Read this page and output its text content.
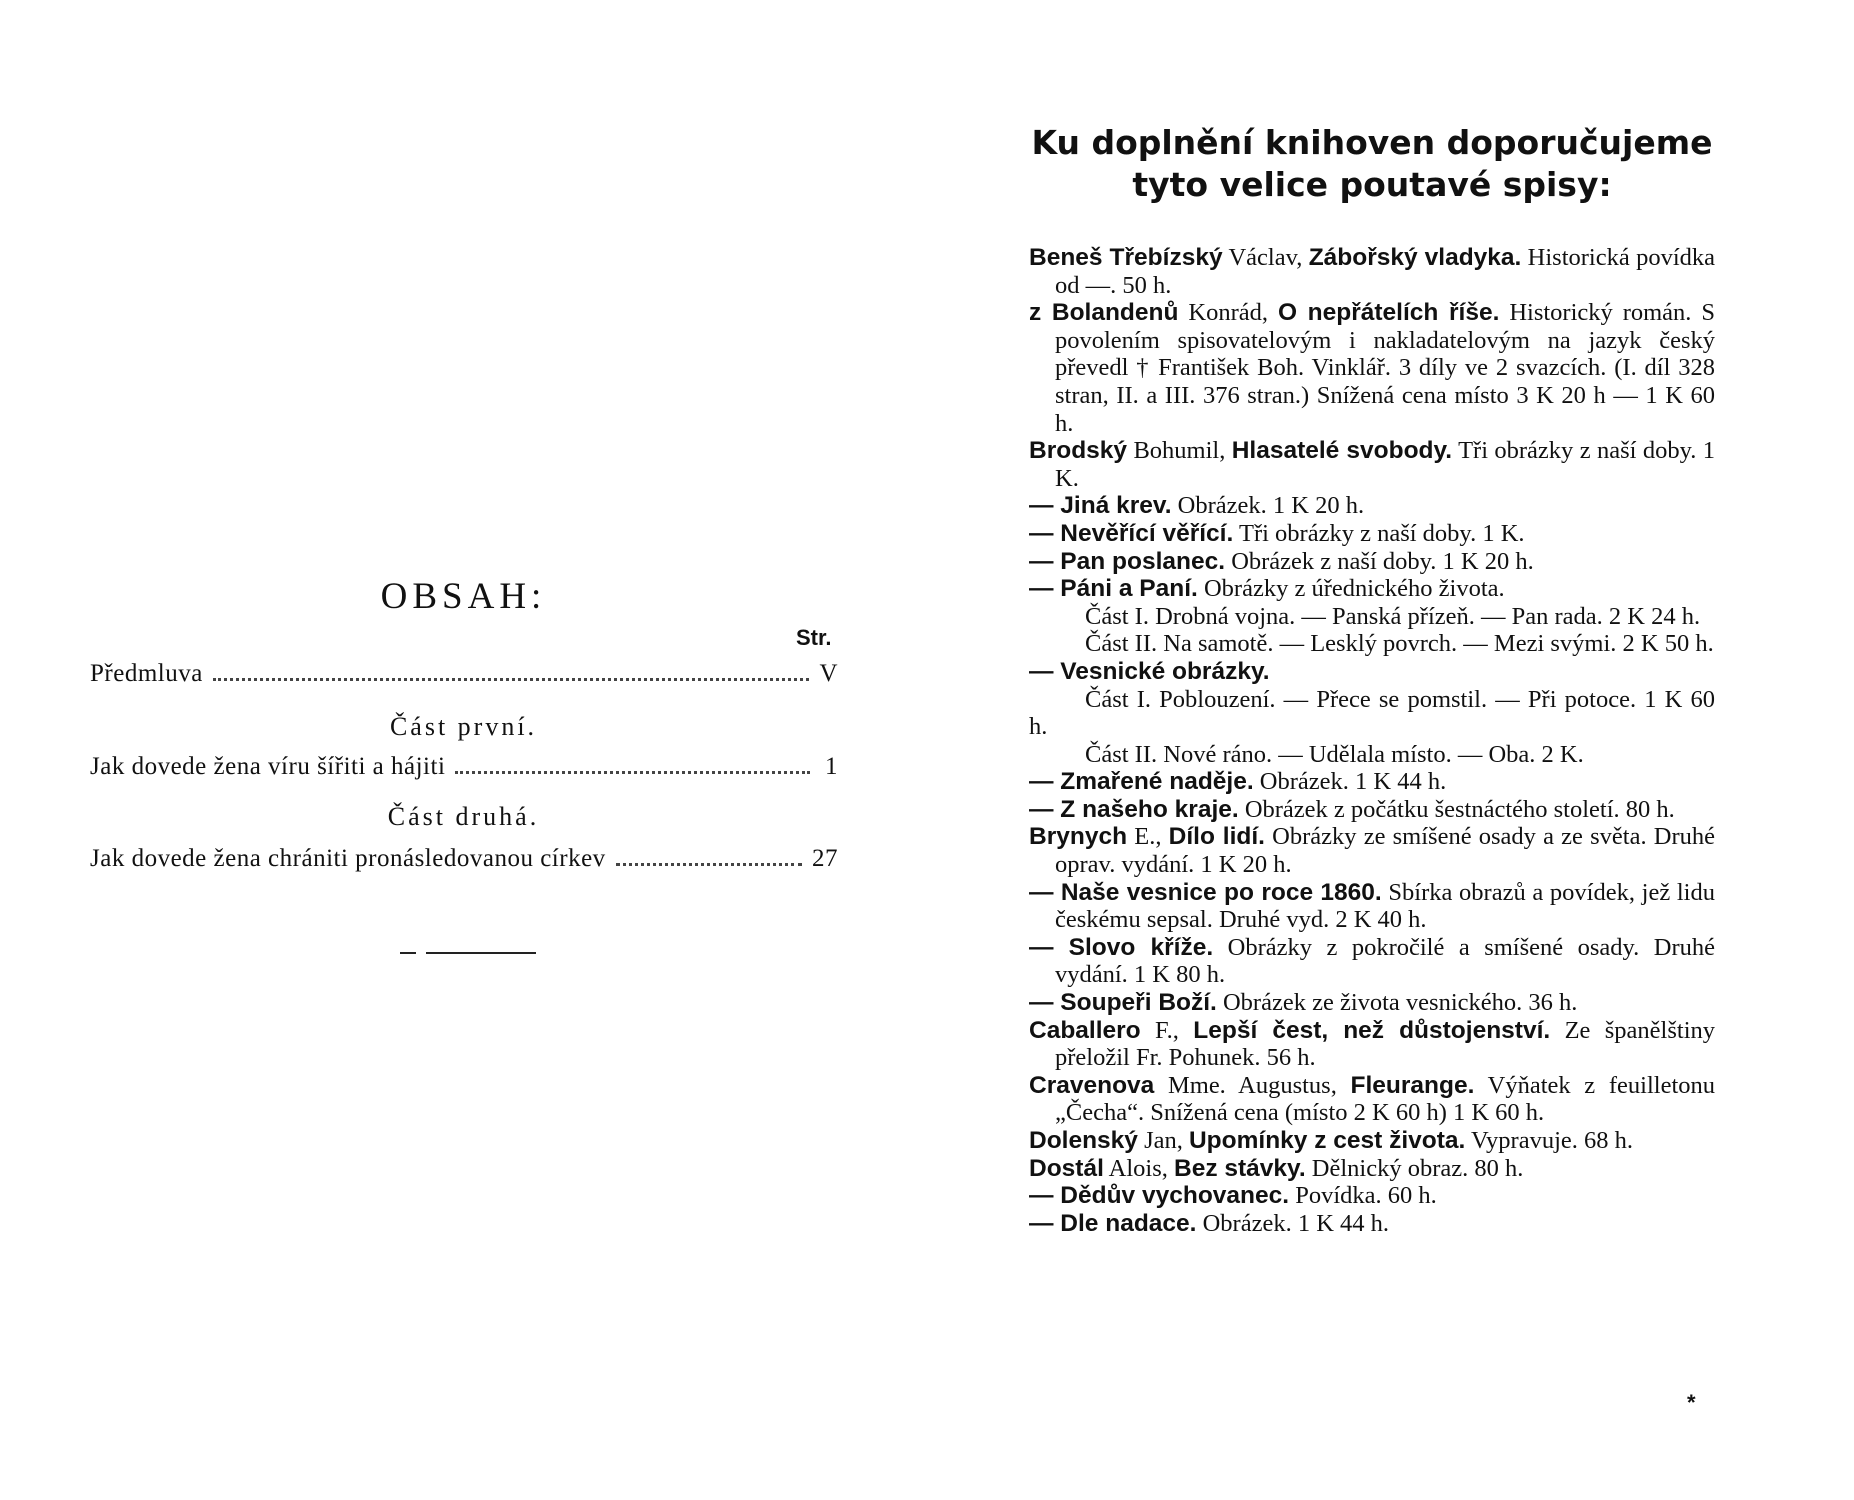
OBSAH:
Str.
Předmluva	V
Část první.
Jak dovede žena víru šířiti a hájiti	1
Část druhá.
Jak dovede žena chrániti pronásledovanou církev	27
Ku doplnění knihoven doporučujeme
tyto velice poutavé spisy:
Beneš Třebízský Václav, Zábořský vladyka. Historická povídka od —. 50 h.
z Bolandenů Konrád, O nepřátelích říše. Historický román. S povolením spisovatelovým i nakladatelovým na jazyk český převedl † František Boh. Vinklář. 3 díly ve 2 svazcích. (I. díl 328 stran, II. a III. 376 stran.) Snížená cena místo 3 K 20 h — 1 K 60 h.
Brodský Bohumil, Hlasatelé svobody. Tři obrázky z naší doby. 1 K.
— Jiná krev. Obrázek. 1 K 20 h.
— Nevěřící věřící. Tři obrázky z naší doby. 1 K.
— Pan poslanec. Obrázek z naší doby. 1 K 20 h.
— Páni a Paní. Obrázky z úřednického života.
Část I. Drobná vojna. — Panská přízeň. — Pan rada. 2 K 24 h.
Část II. Na samotě. — Lesklý povrch. — Mezi svými. 2 K 50 h.
— Vesnické obrázky.
Část I. Poblouzení. — Přece se pomstil. — Při potoce. 1 K 60 h.
Část II. Nové ráno. — Udělala místo. — Oba. 2 K.
— Zmařené naděje. Obrázek. 1 K 44 h.
— Z našeho kraje. Obrázek z počátku šestnáctého století. 80 h.
Brynych E., Dílo lidí. Obrázky ze smíšené osady a ze světa. Druhé oprav. vydání. 1 K 20 h.
— Naše vesnice po roce 1860. Sbírka obrazů a povídek, jež lidu českému sepsal. Druhé vyd. 2 K 40 h.
— Slovo kříže. Obrázky z pokročilé a smíšené osady. Druhé vydání. 1 K 80 h.
— Soupeři Boží. Obrázek ze života vesnického. 36 h.
Caballero F., Lepší čest, než důstojenství. Ze španělštiny přeložil Fr. Pohunek. 56 h.
Cravenova Mme. Augustus, Fleurange. Výňatek z feuilletonu „Čecha“. Snížená cena (místo 2 K 60 h) 1 K 60 h.
Dolenský Jan, Upomínky z cest života. Vypravuje. 68 h.
Dostál Alois, Bez stávky. Dělnický obraz. 80 h.
— Dědův vychovanec. Povídka. 60 h.
— Dle nadace. Obrázek. 1 K 44 h.
*
